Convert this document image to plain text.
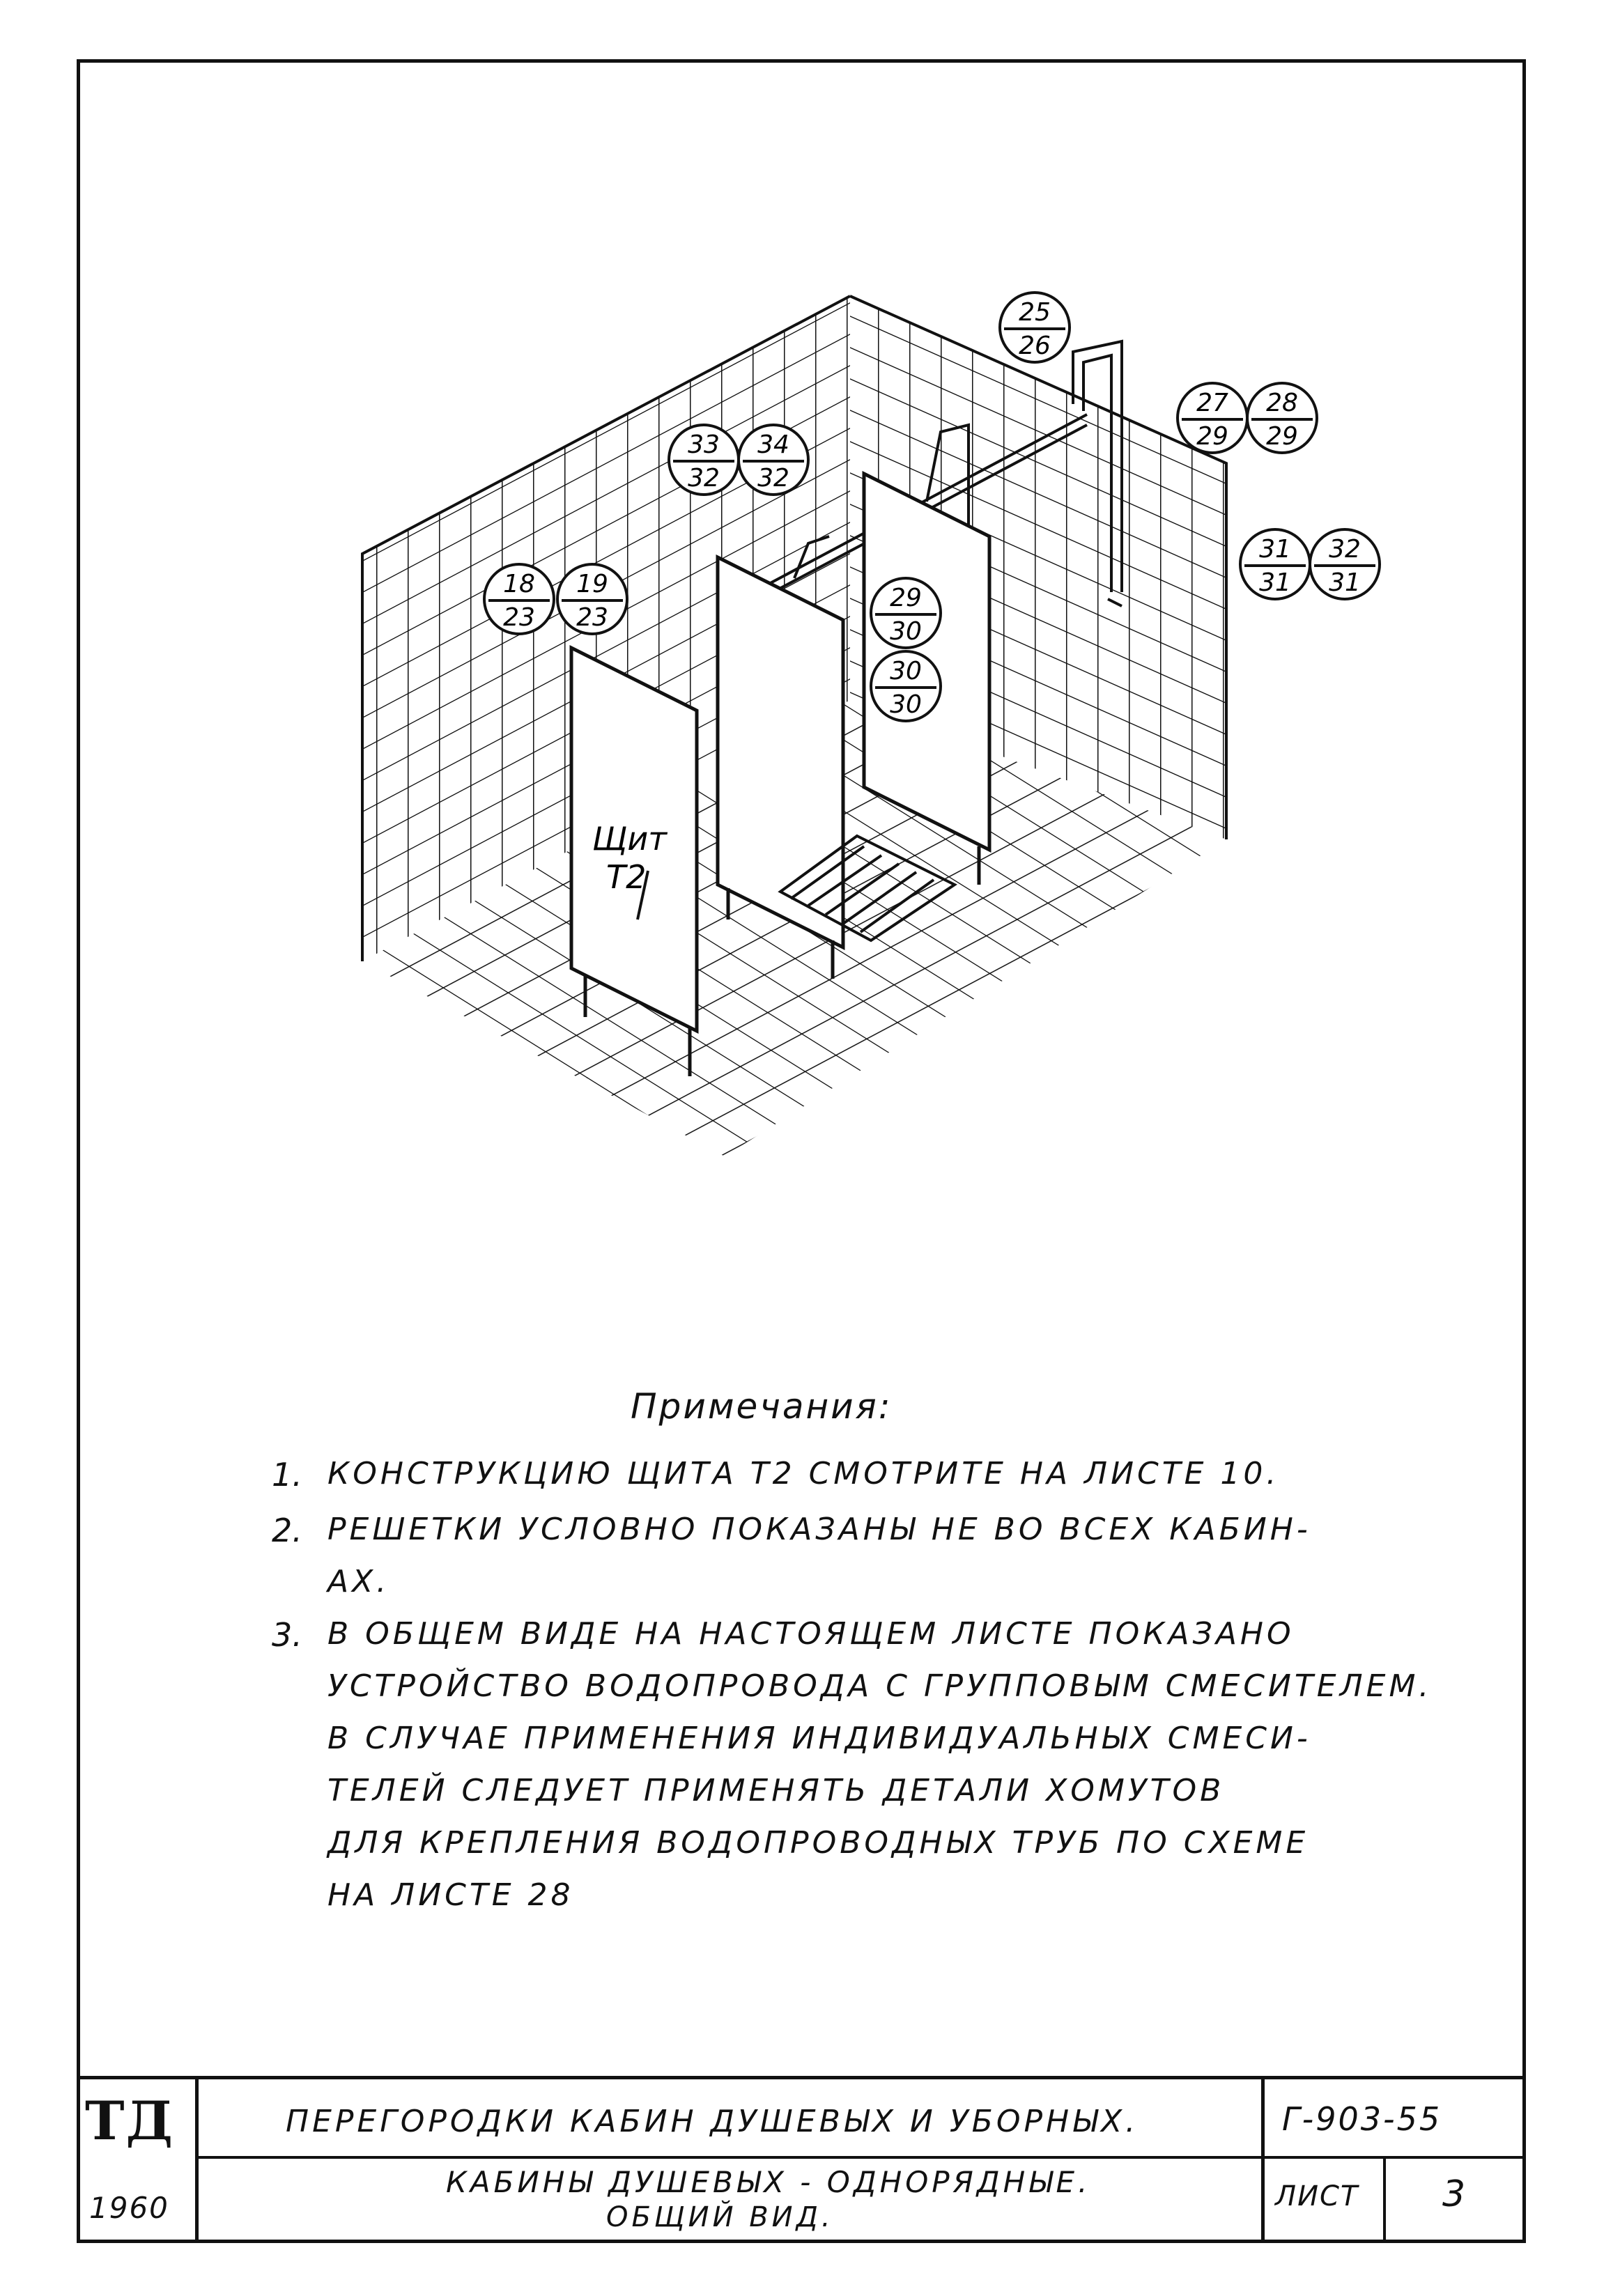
25
26
27
29
28
29
33
32
34
32
18
23
19
23
31
31
32
31
29
30
30
30
Щит
Т2
Примечания:
1. КОНСТРУКЦИЮ ЩИТА Т2 СМОТРИТЕ НА ЛИСТЕ 10.
2. РЕШЕТКИ УСЛОВНО ПОКАЗАНЫ НЕ ВО ВСЕХ КАБИН-
АХ.
3. В ОБЩЕМ ВИДЕ НА НАСТОЯЩЕМ ЛИСТЕ ПОКАЗАНО
УСТРОЙСТВО ВОДОПРОВОДА С ГРУППОВЫМ СМЕСИТЕЛЕМ.
В СЛУЧАЕ ПРИМЕНЕНИЯ ИНДИВИДУАЛЬНЫХ СМЕСИ-
ТЕЛЕЙ СЛЕДУЕТ ПРИМЕНЯТЬ ДЕТАЛИ ХОМУТОВ
ДЛЯ КРЕПЛЕНИЯ ВОДОПРОВОДНЫХ ТРУБ ПО СХЕМЕ
НА ЛИСТЕ 28
ТД
1960
ПЕРЕГОРОДКИ КАБИН ДУШЕВЫХ И УБОРНЫХ.
КАБИНЫ ДУШЕВЫХ - ОДНОРЯДНЫЕ.
ОБЩИЙ ВИД.
Г-903-55
ЛИСТ 3
